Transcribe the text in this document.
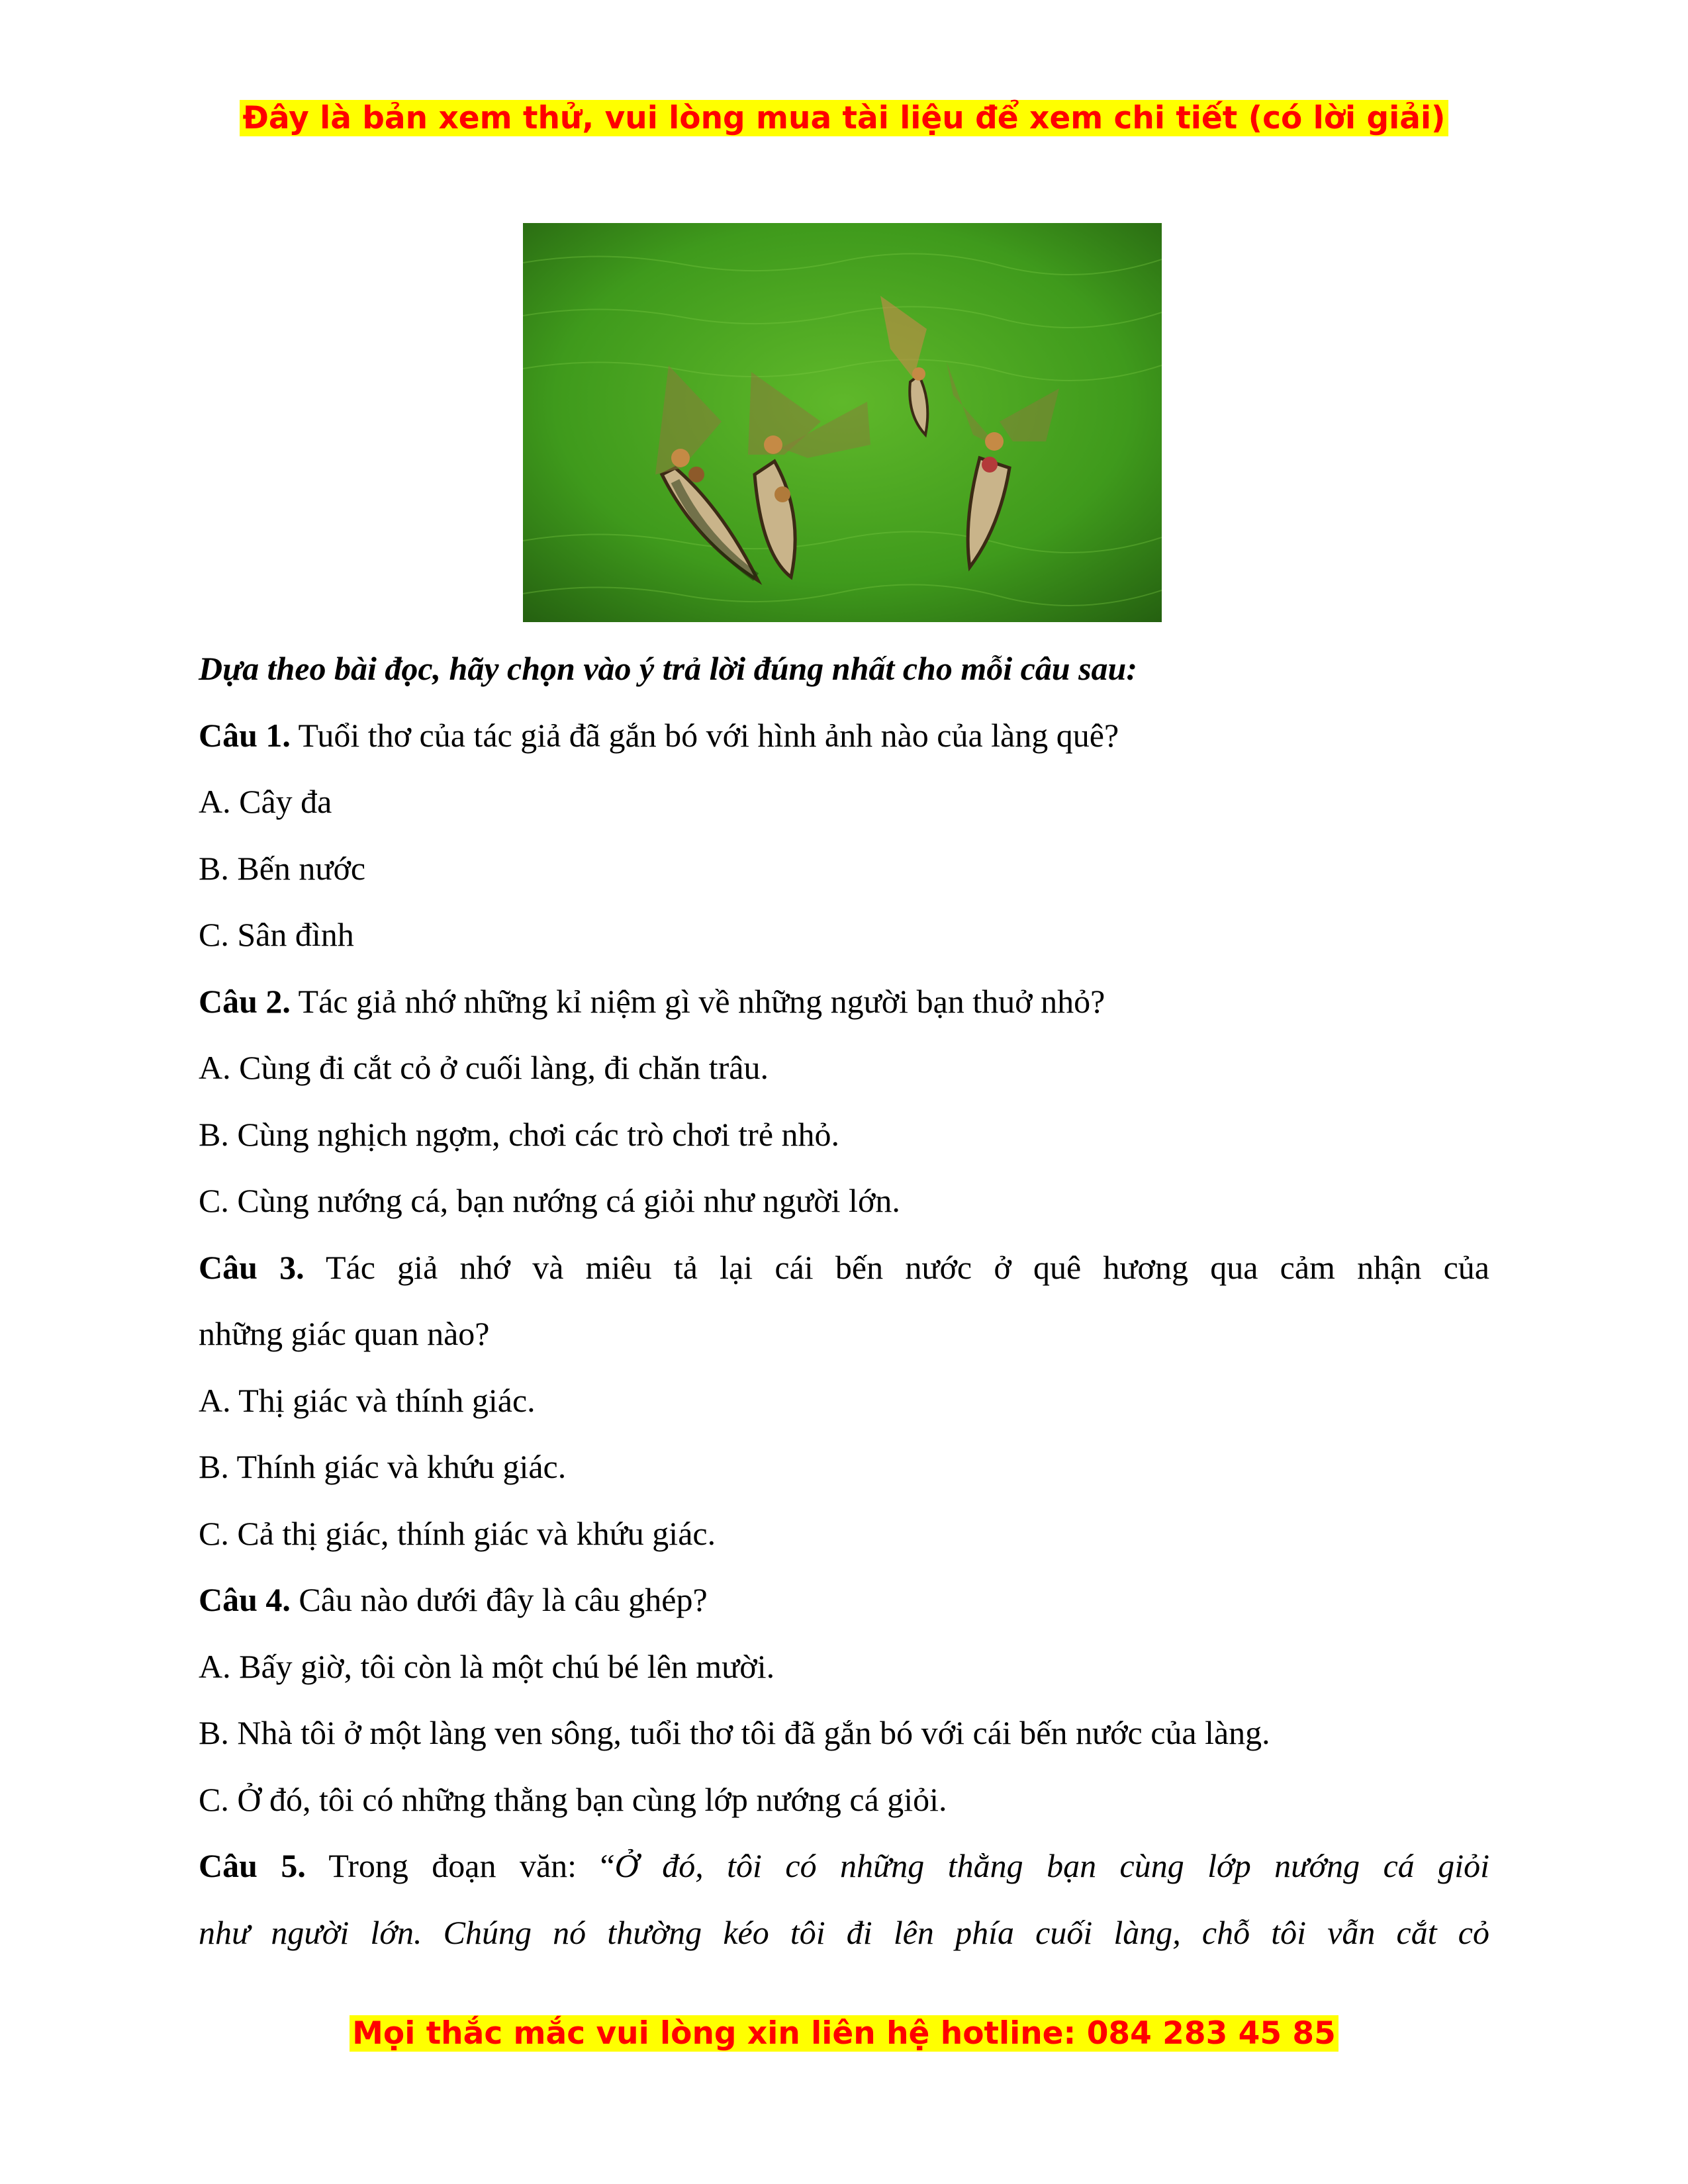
Đây là bản xem thử, vui lòng mua tài liệu để xem chi tiết (có lời giải)
Dựa theo bài đọc, hãy chọn vào ý trả lời đúng nhất cho mỗi câu sau:
Câu 1. Tuổi thơ của tác giả đã gắn bó với hình ảnh nào của làng quê?
A. Cây đa
B. Bến nước
C. Sân đình
Câu 2. Tác giả nhớ những kỉ niệm gì về những người bạn thuở nhỏ?
A. Cùng đi cắt cỏ ở cuối làng, đi chăn trâu.
B. Cùng nghịch ngợm, chơi các trò chơi trẻ nhỏ.
C. Cùng nướng cá, bạn nướng cá giỏi như người lớn.
Câu 3. Tác giả nhớ và miêu tả lại cái bến nước ở quê hương qua cảm nhận của
những giác quan nào?
A. Thị giác và thính giác.
B. Thính giác và khứu giác.
C. Cả thị giác, thính giác và khứu giác.
Câu 4. Câu nào dưới đây là câu ghép?
A. Bấy giờ, tôi còn là một chú bé lên mười.
B. Nhà tôi ở một làng ven sông, tuổi thơ tôi đã gắn bó với cái bến nước của làng.
C. Ở đó, tôi có những thằng bạn cùng lớp nướng cá giỏi.
Câu 5. Trong đoạn văn: “Ở đó, tôi có những thằng bạn cùng lớp nướng cá giỏi
như người lớn. Chúng nó thường kéo tôi đi lên phía cuối làng, chỗ tôi vẫn cắt cỏ
Mọi thắc mắc vui lòng xin liên hệ hotline: 084 283 45 85
